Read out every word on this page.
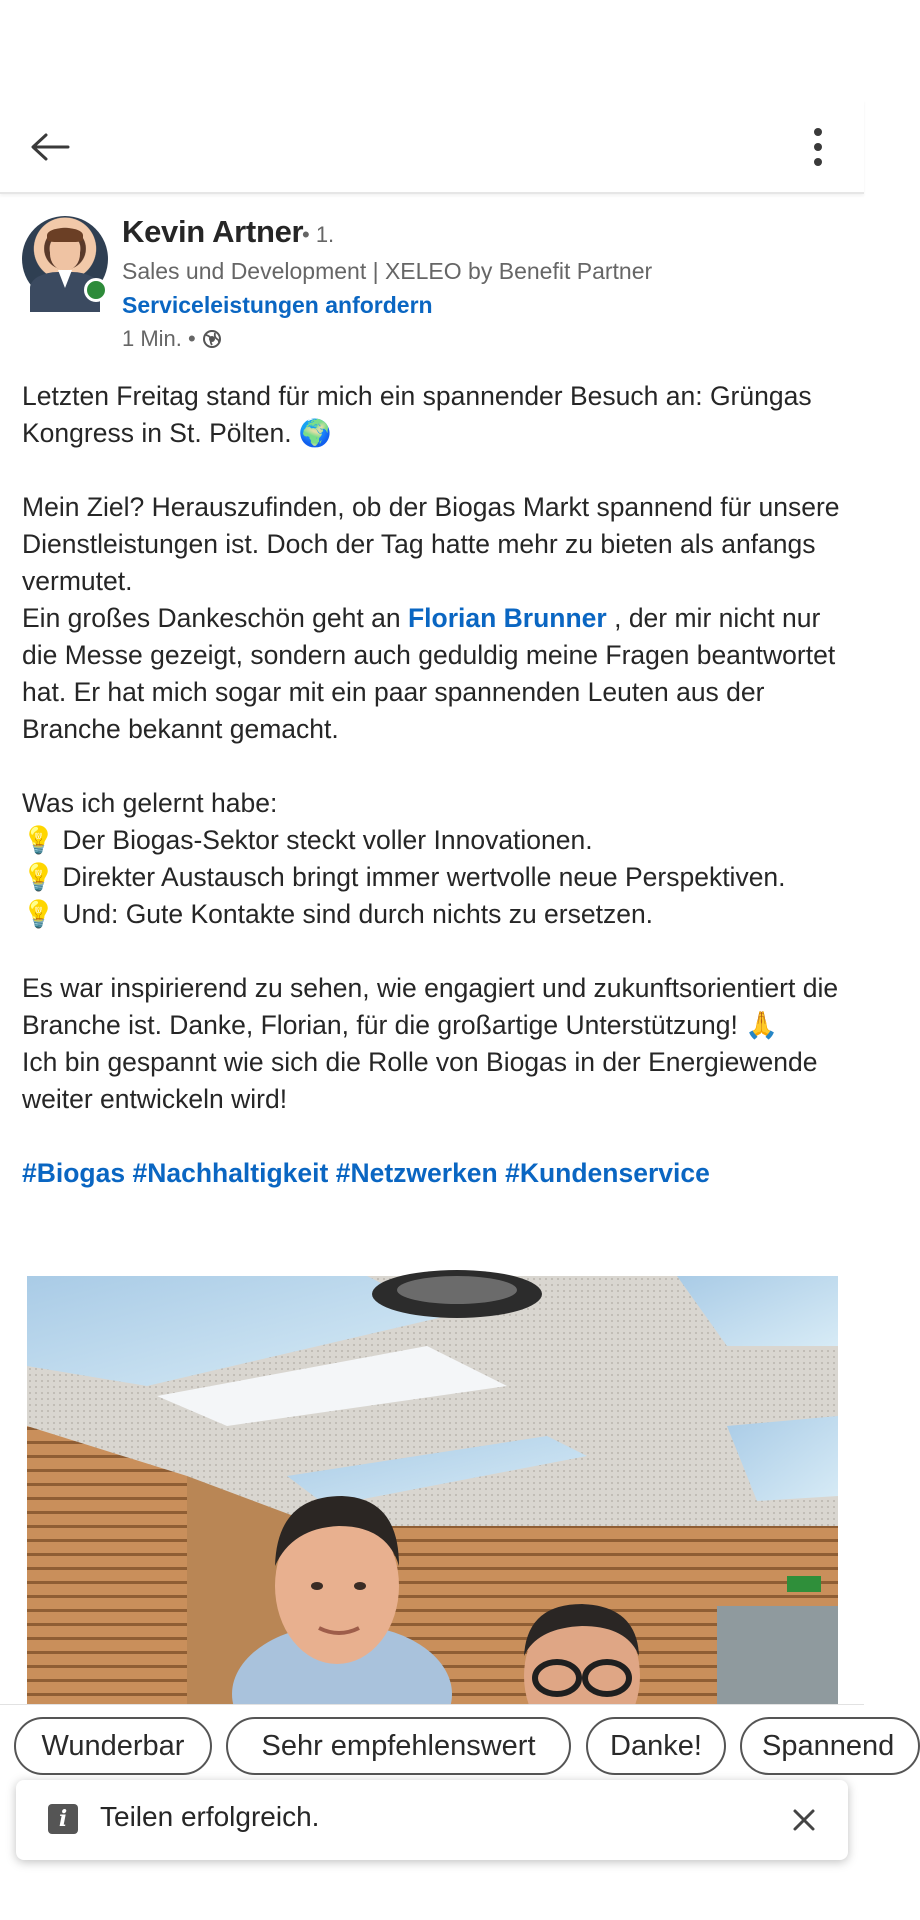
Kevin Artner
• 1.
Sales und Development | XELEO by Benefit Partner
Serviceleistungen anfordern
1 Min. •

Letzten Freitag stand für mich ein spannender Besuch an: Grüngas Kongress in St. Pölten. 🌍

Mein Ziel? Herauszufinden, ob der Biogas Markt spannend für unsere Dienstleistungen ist. Doch der Tag hatte mehr zu bieten als anfangs vermutet.

Ein großes Dankeschön geht an Florian Brunner , der mir nicht nur die Messe gezeigt, sondern auch geduldig meine Fragen beantwortet hat. Er hat mich sogar mit ein paar spannenden Leuten aus der Branche bekannt gemacht.

Was ich gelernt habe:

💡 Der Biogas-Sektor steckt voller Innovationen.

💡 Direkter Austausch bringt immer wertvolle neue Perspektiven.

💡 Und: Gute Kontakte sind durch nichts zu ersetzen.

Es war inspirierend zu sehen, wie engagiert und zukunftsorientiert die Branche ist. Danke, Florian, für die großartige Unterstützung! 🙏

Ich bin gespannt wie sich die Rolle von Biogas in der Energiewende weiter entwickeln wird!

#Biogas #Nachhaltigkeit #Netzwerken #Kundenservice

Wunderbar	Sehr empfehlenswert	Danke!	Spannend
i	Teilen erfolgreich.
